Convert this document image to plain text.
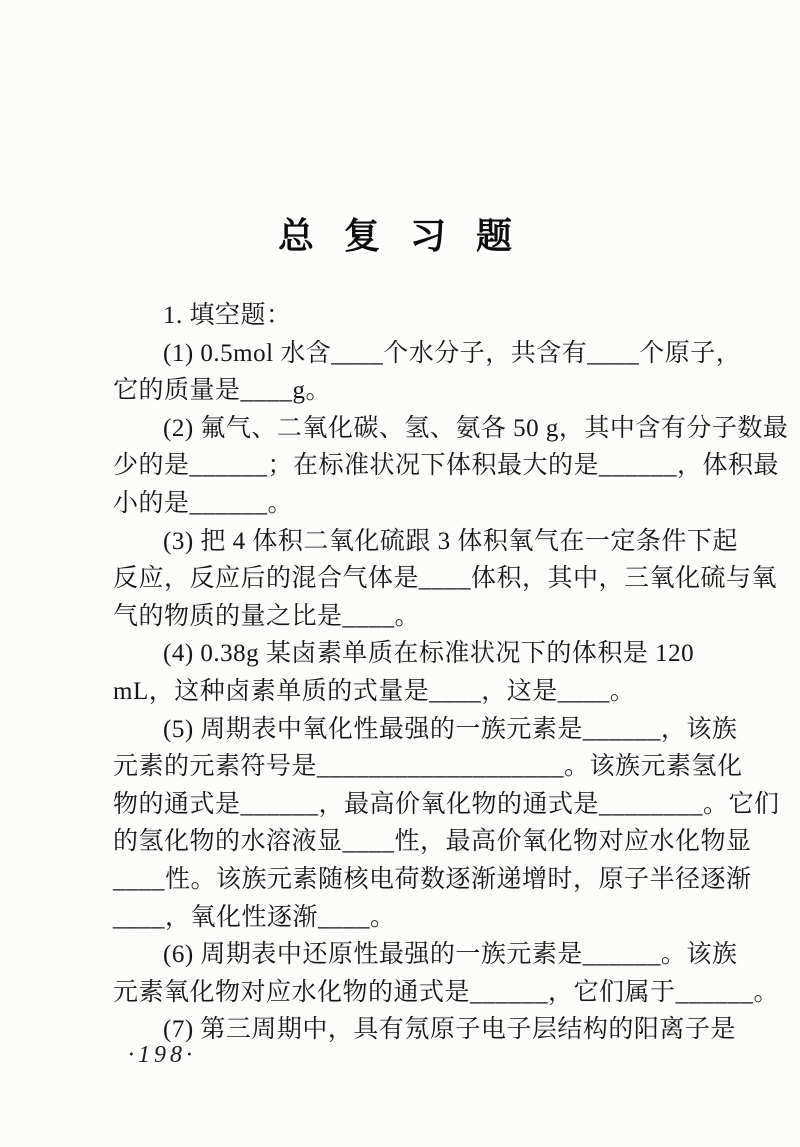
总 复 习 题
1. 填空题：
(1) 0.5mol 水含____个水分子，共含有____个原子，
它的质量是____g。
(2) 氟气、二氧化碳、氢、氨各 50 g，其中含有分子数最
少的是______；在标准状况下体积最大的是______，体积最
小的是______。
(3) 把 4 体积二氧化硫跟 3 体积氧气在一定条件下起
反应，反应后的混合气体是____体积，其中，三氧化硫与氧
气的物质的量之比是____。
(4) 0.38g 某卤素单质在标准状况下的体积是 120
mL，这种卤素单质的式量是____，这是____。
(5) 周期表中氧化性最强的一族元素是______，该族
元素的元素符号是___________________。该族元素氢化
物的通式是______，最高价氧化物的通式是________。它们
的氢化物的水溶液显____性，最高价氧化物对应水化物显
____性。该族元素随核电荷数逐渐递增时，原子半径逐渐
____，氧化性逐渐____。
(6) 周期表中还原性最强的一族元素是______。该族
元素氧化物对应水化物的通式是______，它们属于______。
(7) 第三周期中，具有氖原子电子层结构的阳离子是
·198·
